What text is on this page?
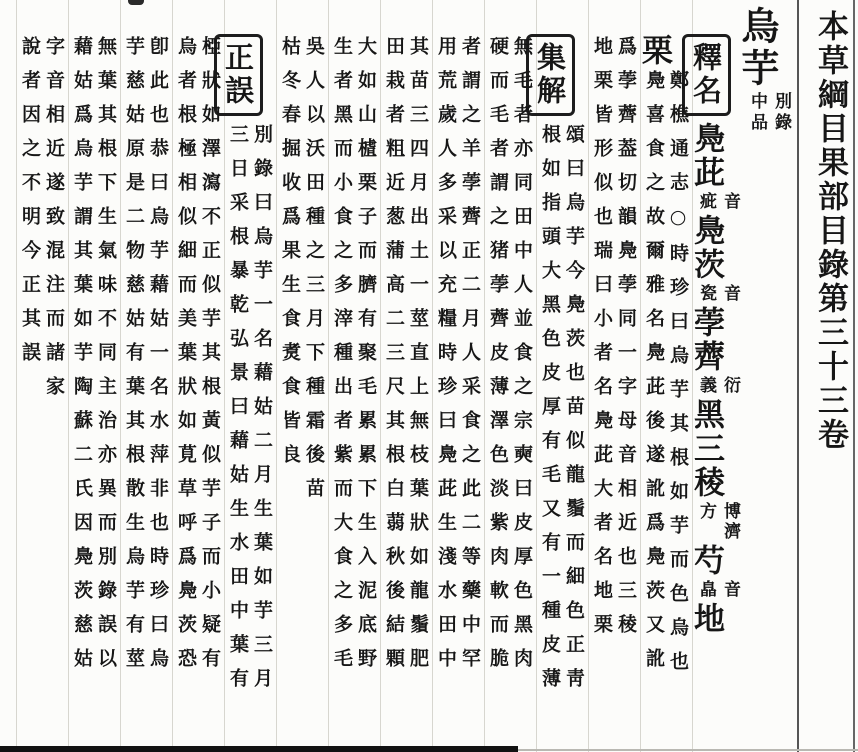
本草綱目果部目錄第三十三卷
烏芋
別錄
中品
釋名鳧茈
音
疵
鳧茨
音
瓷
荸薺
衍
義
黑三稜
博濟
方
芍
音
皛
地
栗
鄭樵通志○時珍曰烏芋其根如芋而色烏也
鳧喜食之故爾雅名鳧茈後遂訛爲鳧茨又訛
爲荸薺葢切韻鳧荸同一字母音相近也三稜
地栗皆形似也瑞曰小者名鳧茈大者名地栗
集解
頌曰烏芋今鳧茨也苗似龍鬚而細色正靑
根如指頭大黑色皮厚有毛又有一種皮薄
無毛者亦同田中人並食之宗奭曰皮厚色黑肉
硬而毛者謂之猪荸薺皮薄澤色淡紫肉軟而脆
者謂之羊荸薺正二月人采食之此二等藥中罕
用荒歲人多采以充糧時珍曰鳧茈生淺水田中
其苗三四月出土一莖直上無枝葉狀如龍鬚肥
田栽者粗近葱蒲高二三尺其根白蒻秋後結顆
大如山樝栗子而臍有聚毛累累下生入泥底野
生者黑而小食之多滓種出者紫而大食之多毛
吳人以沃田種之三月下種霜後苗
枯冬春掘收爲果生食煑食皆良
正誤
別錄曰烏芋一名藉姑二月生葉如芋三月
三日采根暴乾弘景曰藉姑生水田中葉有
椏狀如澤瀉不正似芋其根黃似芋子而小疑有
烏者根極相似細而美葉狀如莧草呼爲鳧茨恐
卽此也恭曰烏芋藉姑一名水萍非也時珍曰烏
芋慈姑原是二物慈姑有葉其根散生烏芋有莖
無葉其根下生氣味不同主治亦異而別錄誤以
藉姑爲烏芋謂其葉如芋陶蘇二氏因鳧茨慈姑
字音相近遂致混注而諸家
說者因之不明今正其誤
